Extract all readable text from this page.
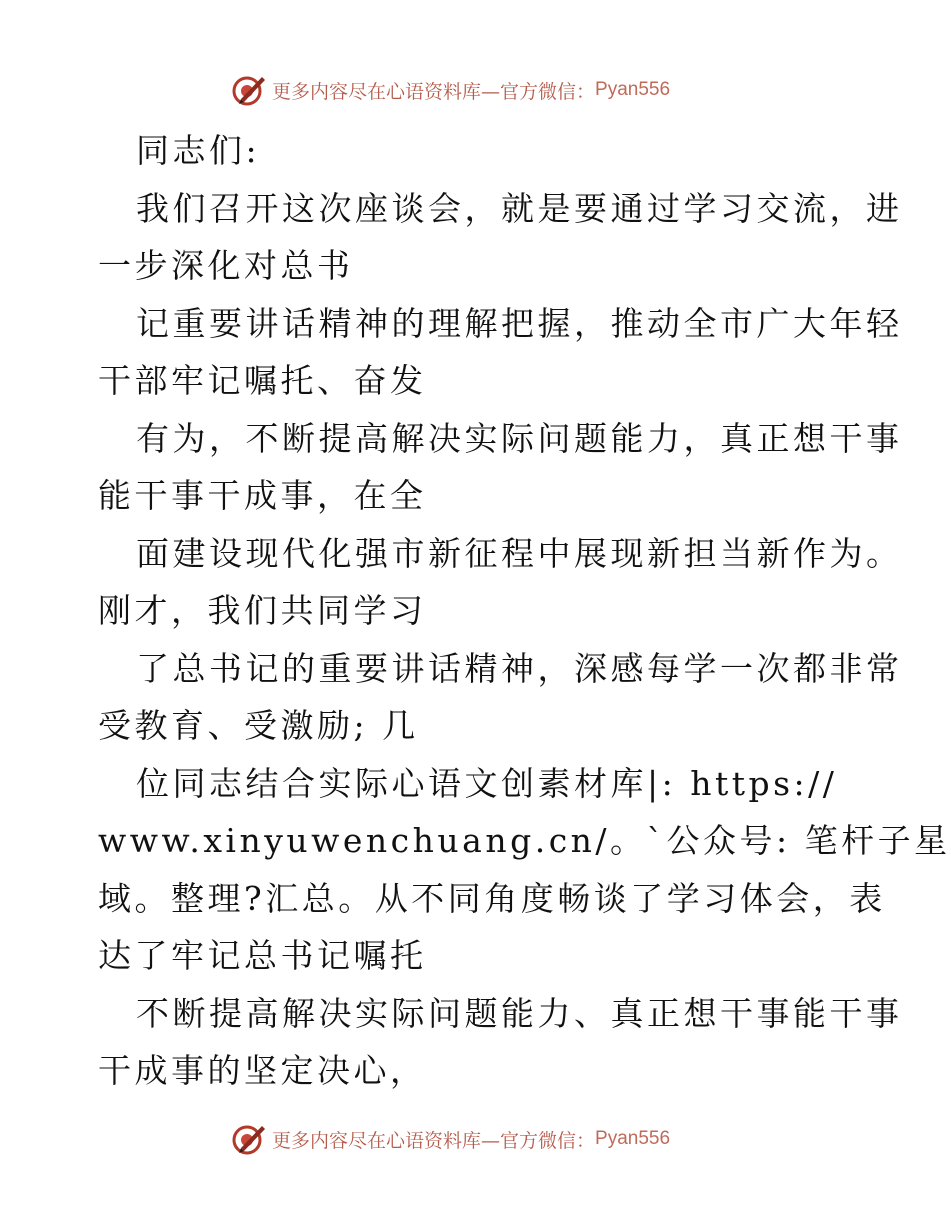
更多内容尽在心语资料库—官方微信： Pyan556
同志们:
我们召开这次座谈会，就是要通过学习交流，进
一步深化对总书
记重要讲话精神的理解把握，推动全市广大年轻
干部牢记嘱托、奋发
有为，不断提高解决实际问题能力，真正想干事
能干事干成事，在全
面建设现代化强市新征程中展现新担当新作为。
刚才，我们共同学习
了总书记的重要讲话精神，深感每学一次都非常
受教育、受激励; 几
位同志结合实际心语文创素材库|: https://
www.xinyuwenchuang.cn/。`公众号: 笔杆子星
域。整理?汇总。从不同角度畅谈了学习体会，表
达了牢记总书记嘱托
不断提高解决实际问题能力、真正想干事能干事
干成事的坚定决心，
更多内容尽在心语资料库—官方微信： Pyan556
